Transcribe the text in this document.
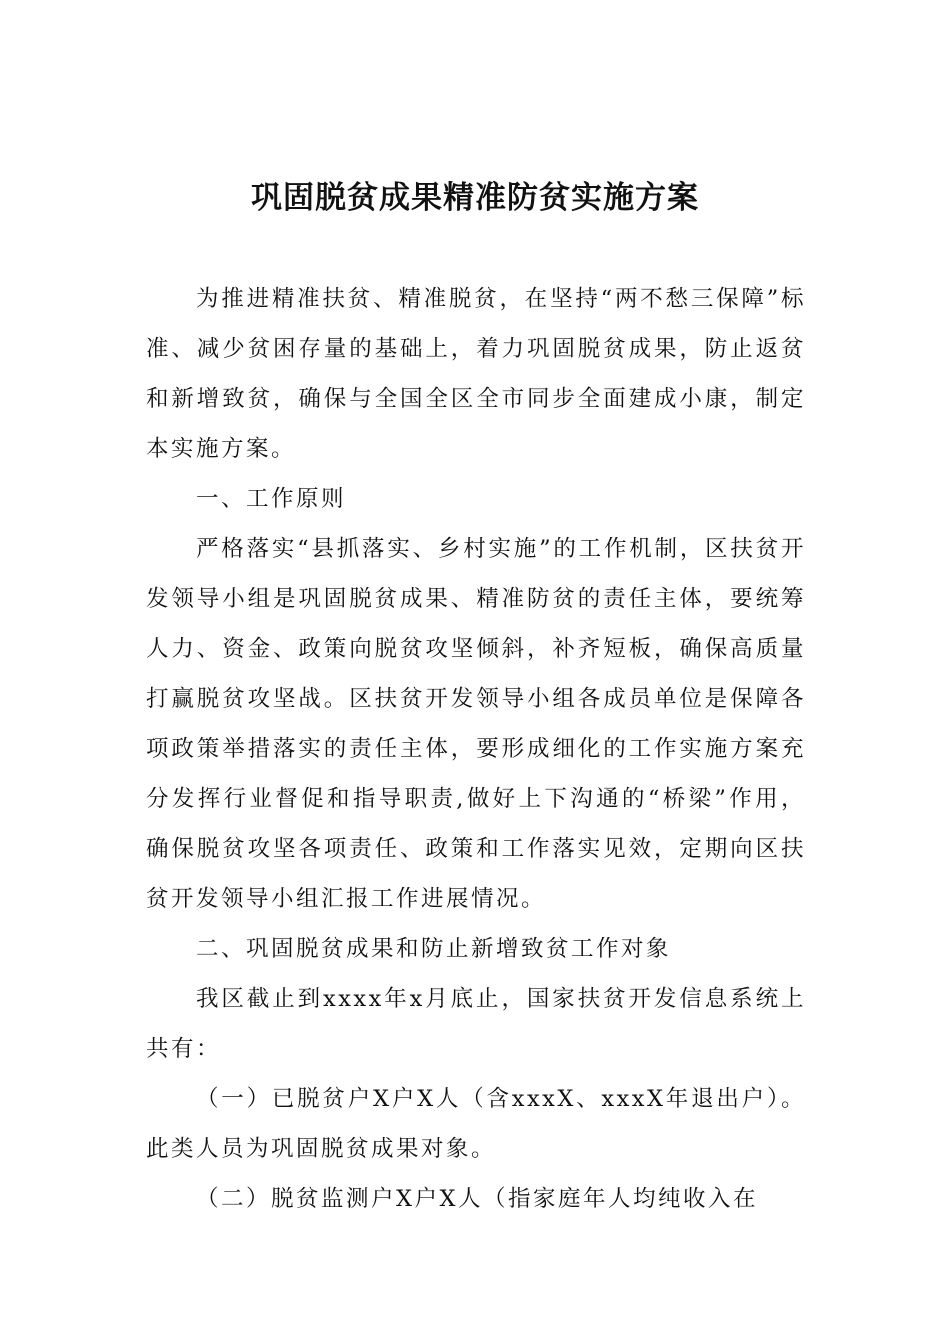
巩固脱贫成果精准防贫实施方案

为推进精准扶贫、精准脱贫，在坚持“两不愁三保障”标准、减少贫困存量的基础上，着力巩固脱贫成果，防止返贫和新增致贫，确保与全国全区全市同步全面建成小康，制定本实施方案。

一、工作原则

严格落实“县抓落实、乡村实施”的工作机制，区扶贫开发领导小组是巩固脱贫成果、精准防贫的责任主体，要统筹人力、资金、政策向脱贫攻坚倾斜，补齐短板，确保高质量打赢脱贫攻坚战。区扶贫开发领导小组各成员单位是保障各项政策举措落实的责任主体，要形成细化的工作实施方案充分发挥行业督促和指导职责,做好上下沟通的“桥梁”作用，确保脱贫攻坚各项责任、政策和工作落实见效，定期向区扶贫开发领导小组汇报工作进展情况。

二、巩固脱贫成果和防止新增致贫工作对象

我区截止到xxxx年x月底止，国家扶贫开发信息系统上共有：

（一）已脱贫户X户X人（含xxxX、xxxX年退出户）。此类人员为巩固脱贫成果对象。

（二）脱贫监测户X户X人（指家庭年人均纯收入在
